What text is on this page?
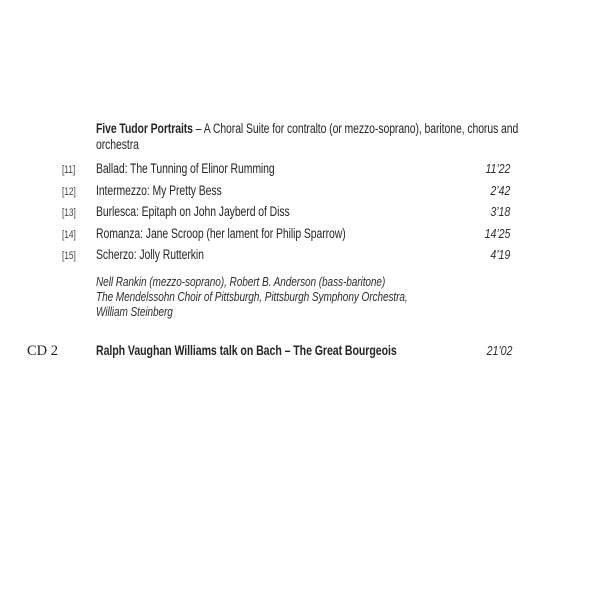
Five Tudor Portraits – A Choral Suite for contralto (or mezzo-soprano), baritone, chorus and orchestra
[11]	Ballad: The Tunning of Elinor Rumming	11’22
[12]	Intermezzo: My Pretty Bess	2’42
[13]	Burlesca: Epitaph on John Jayberd of Diss	3’18
[14]	Romanza: Jane Scroop (her lament for Philip Sparrow)	14’25
[15]	Scherzo: Jolly Rutterkin	4’19
Nell Rankin (mezzo-soprano), Robert B. Anderson (bass-baritone)
The Mendelssohn Choir of Pittsburgh, Pittsburgh Symphony Orchestra,
William Steinberg
CD 2	Ralph Vaughan Williams talk on Bach – The Great Bourgeois	21’02
